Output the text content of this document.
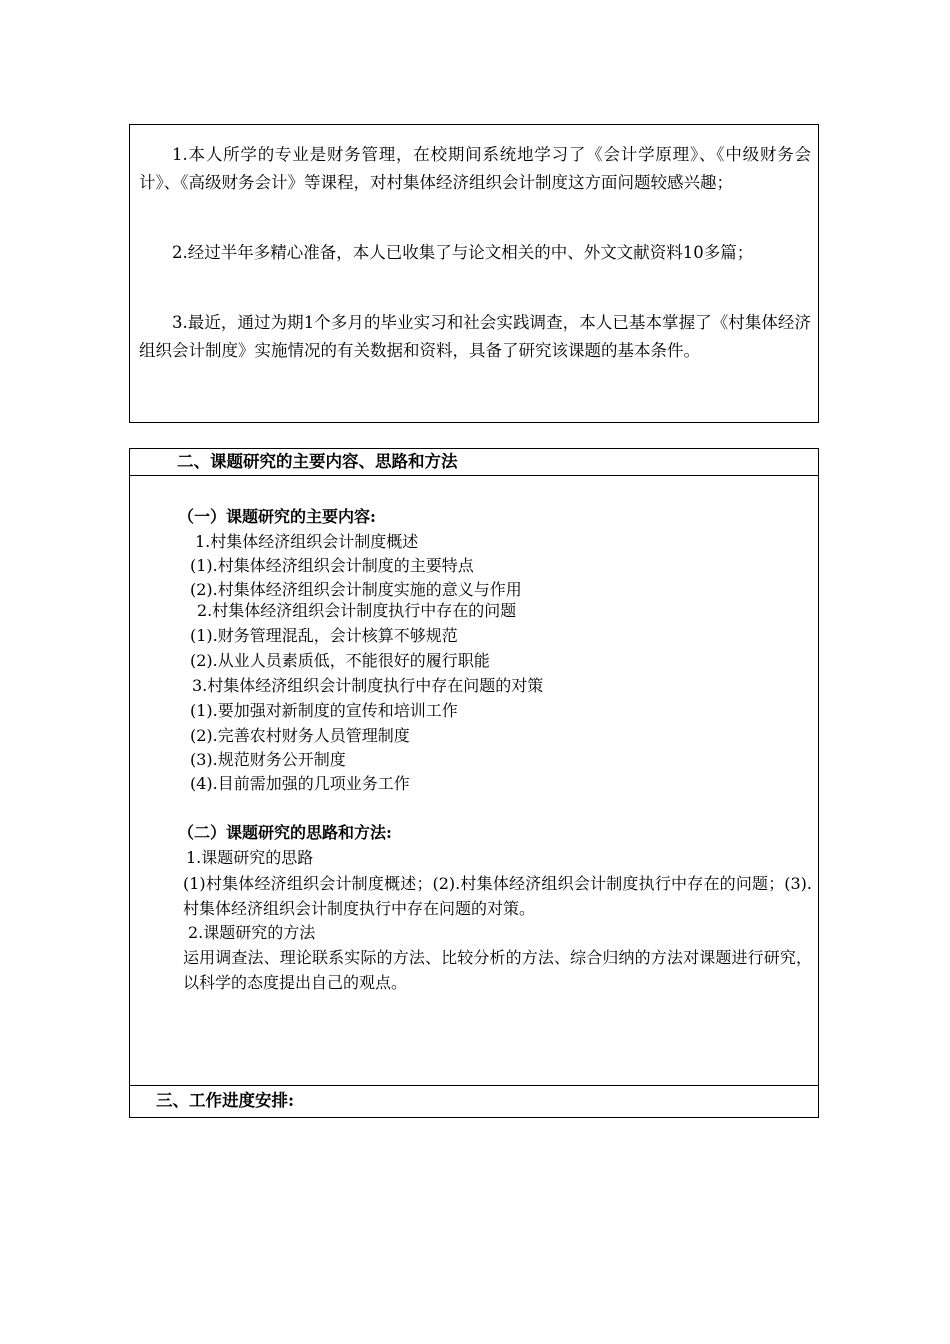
1.本人所学的专业是财务管理，在校期间系统地学习了《会计学原理》、《中级财务会计》、《高级财务会计》等课程，对村集体经济组织会计制度这方面问题较感兴趣；

2.经过半年多精心准备，本人已收集了与论文相关的中、外文文献资料10多篇；

3.最近，通过为期1个多月的毕业实习和社会实践调查，本人已基本掌握了《村集体经济组织会计制度》实施情况的有关数据和资料，具备了研究该课题的基本条件。

二、课题研究的主要内容、思路和方法
（一）课题研究的主要内容:
1.村集体经济组织会计制度概述
(1).村集体经济组织会计制度的主要特点
(2).村集体经济组织会计制度实施的意义与作用
2.村集体经济组织会计制度执行中存在的问题
(1).财务管理混乱，会计核算不够规范
(2).从业人员素质低，不能很好的履行职能
3.村集体经济组织会计制度执行中存在问题的对策
(1).要加强对新制度的宣传和培训工作
(2).完善农村财务人员管理制度
(3).规范财务公开制度
(4).目前需加强的几项业务工作
（二）课题研究的思路和方法:
1.课题研究的思路

(1)村集体经济组织会计制度概述；(2).村集体经济组织会计制度执行中存在的问题；(3).村集体经济组织会计制度执行中存在问题的对策。

2.课题研究的方法

运用调查法、理论联系实际的方法、比较分析的方法、综合归纳的方法对课题进行研究，以科学的态度提出自己的观点。

三、工作进度安排:
